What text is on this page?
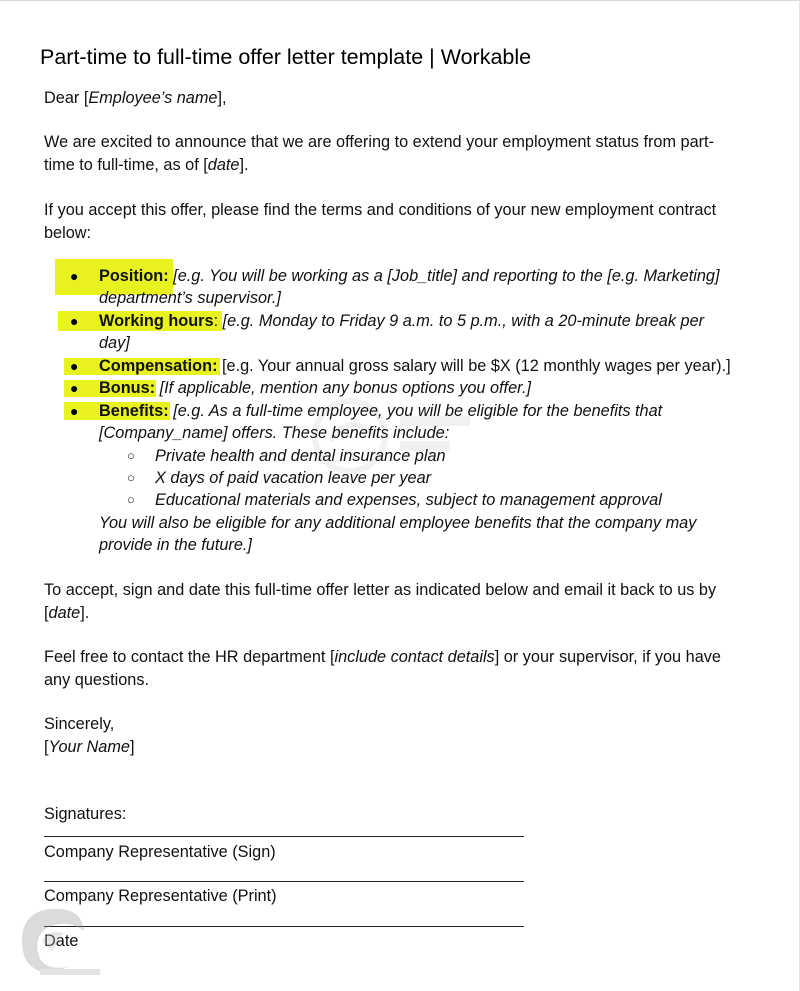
Part-time to full-time offer letter template | Workable
Dear [Employee’s name],
We are excited to announce that we are offering to extend your employment status from part-
time to full-time, as of [date].
If you accept this offer, please find the terms and conditions of your new employment contract
below:
● Position: [e.g. You will be working as a [Job_title] and reporting to the [e.g. Marketing]
department’s supervisor.]
● Working hours: [e.g. Monday to Friday 9 a.m. to 5 p.m., with a 20-minute break per
day]
● Compensation: [e.g. Your annual gross salary will be $X (12 monthly wages per year).]
● Bonus: [If applicable, mention any bonus options you offer.]
● Benefits: [e.g. As a full-time employee, you will be eligible for the benefits that
[Company_name] offers. These benefits include:
○ Private health and dental insurance plan
○ X days of paid vacation leave per year
○ Educational materials and expenses, subject to management approval
You will also be eligible for any additional employee benefits that the company may
provide in the future.]
To accept, sign and date this full-time offer letter as indicated below and email it back to us by
[date].
Feel free to contact the HR department [include contact details] or your supervisor, if you have
any questions.
Sincerely,
[Your Name]
Signatures:
Company Representative (Sign)
Company Representative (Print)
Date
